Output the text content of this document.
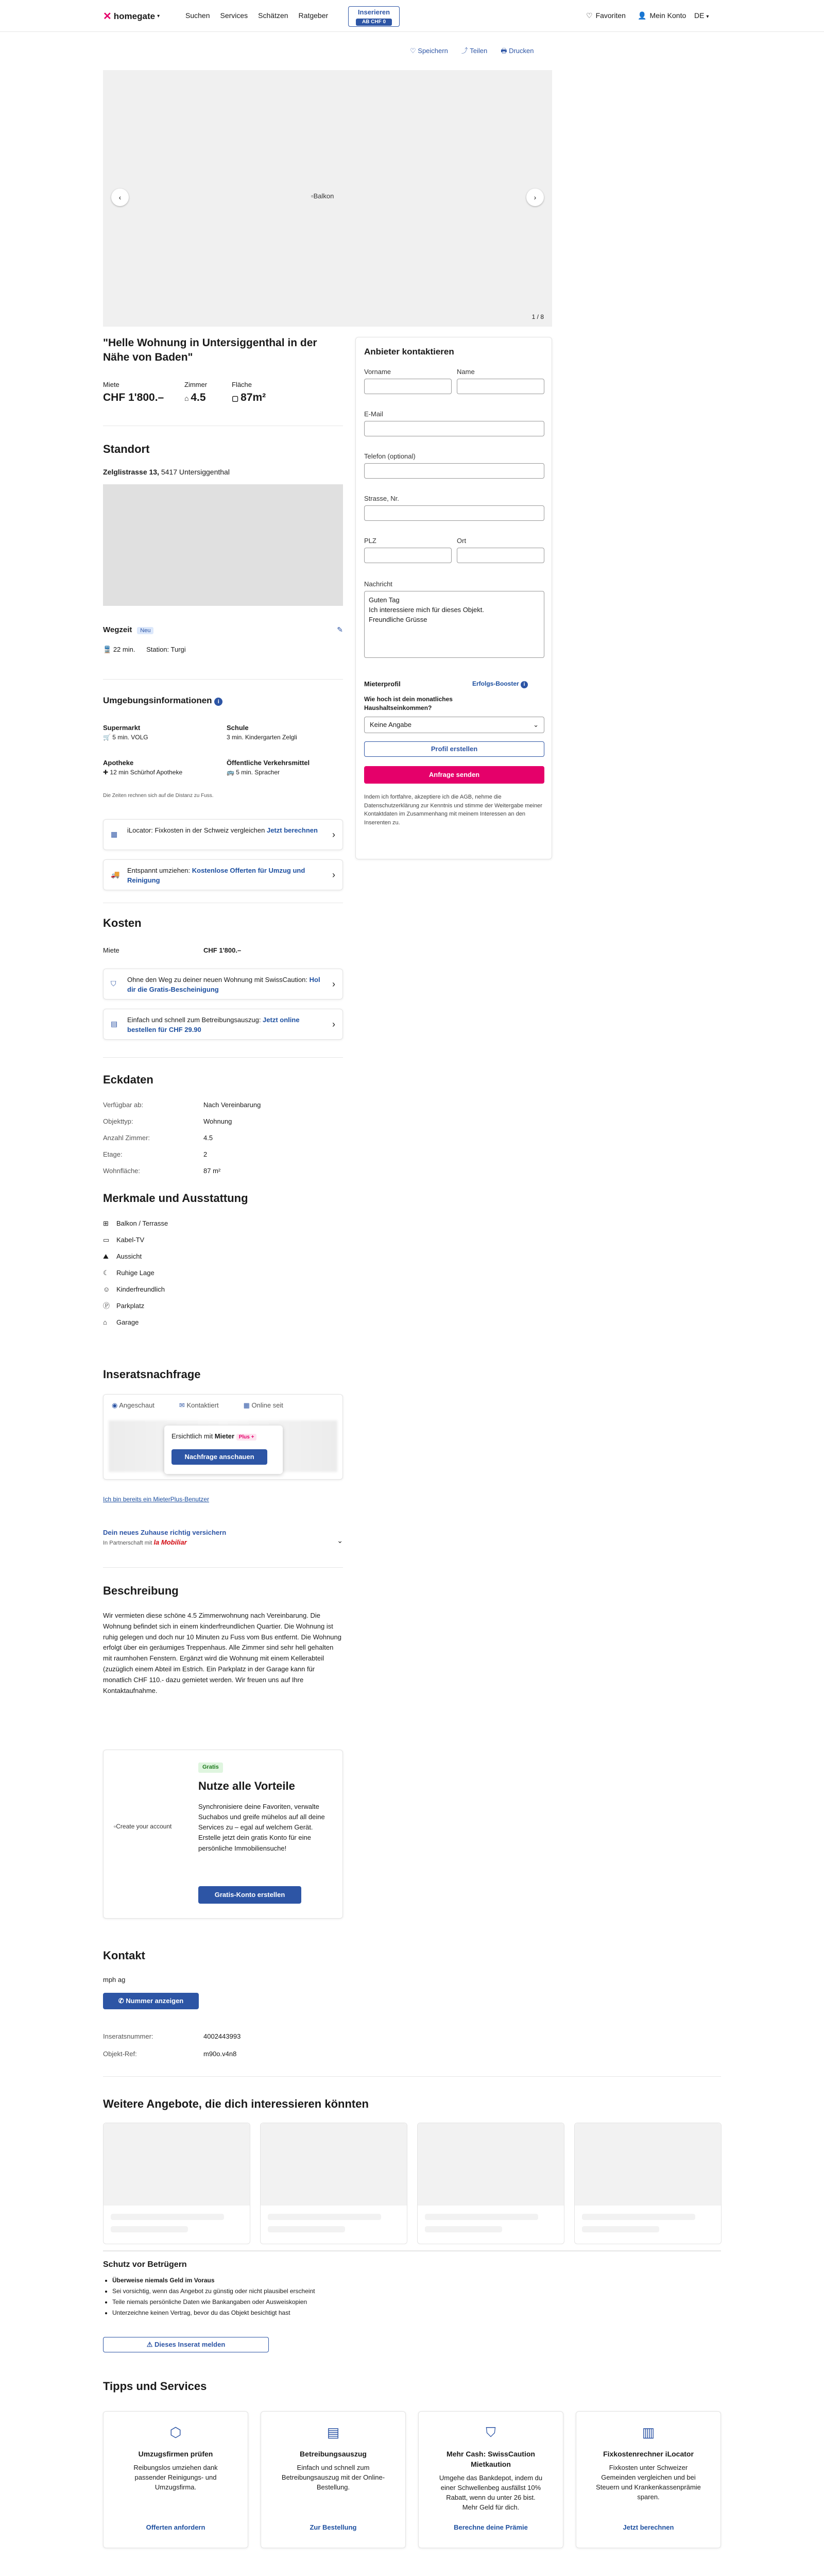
✕ homegate ▾	Suchen Services Schätzen Ratgeber	Inserieren
AB CHF 0
♡ Favoriten 👤 Mein Konto DE ▾
♡ Speichern ⤴ Teilen 🖶 Drucken
▫Balkon
‹	›
1 / 8
"Helle Wohnung in Untersiggenthal in der Nähe von Baden"
Miete
CHF 1'800.–
Zimmer
⌂ 4.5
Fläche
▢ 87m²
Standort
Zelglistrasse 13, 5417 Untersiggenthal
Wegzeit Neu	✎
🚆 22 min. Station: Turgi
Umgebungsinformationen i
Supermarkt
🛒 5 min. VOLG
Schule
3 min. Kindergarten Zelgli
Apotheke
✚ 12 min Schürhof Apotheke
Öffentliche Verkehrsmittel
🚌 5 min. Spracher
Die Zeiten rechnen sich auf die Distanz zu Fuss.
▦ iLocator: Fixkosten in der Schweiz vergleichen Jetzt berechnen	›
🚚 Entspannt umziehen: Kostenlose Offerten für Umzug und Reinigung
›
Kosten
Miete	CHF 1'800.–
⛉ Ohne den Weg zu deiner neuen Wohnung mit SwissCaution: Hol dir die Gratis-Bescheinigung
›
▤ Einfach und schnell zum Betreibungsauszug: Jetzt online bestellen für CHF 29.90
›
Eckdaten
Verfügbar ab:	Nach Vereinbarung
Objekttyp:	Wohnung
Anzahl Zimmer:	4.5
Etage:	2
Wohnfläche:	87 m²
Merkmale und Ausstattung
⊞ Balkon / Terrasse
▭ Kabel-TV
⛰ Aussicht
☾ Ruhige Lage
☺ Kinderfreundlich
Ⓟ Parkplatz
⌂ Garage
Inseratsnachfrage
◉ Angeschaut	✉ Kontaktiert	▦ Online seit
Ersichtlich mit Mieter Plus +
Nachfrage anschauen
Ich bin bereits ein MieterPlus-Benutzer
Dein neues Zuhause richtig versichern
In Partnerschaft mit la Mobiliar	⌄
Beschreibung
Wir vermieten diese schöne 4.5 Zimmerwohnung nach Vereinbarung. Die Wohnung befindet sich in einem kinderfreundlichen Quartier. Die Wohnung ist ruhig gelegen und doch nur 10 Minuten zu Fuss vom Bus entfernt. Die Wohnung erfolgt über ein geräumiges Treppenhaus. Alle Zimmer sind sehr hell gehalten mit raumhohen Fenstern. Ergänzt wird die Wohnung mit einem Kellerabteil (zuzüglich einem Abteil im Estrich. Ein Parkplatz in der Garage kann für monatlich CHF 110.- dazu gemietet werden. Wir freuen uns auf Ihre Kontaktaufnahme.
▫Create your account
Gratis
Nutze alle Vorteile
Synchronisiere deine Favoriten, verwalte Suchabos und greife mühelos auf all deine Services zu – egal auf welchem Gerät. Erstelle jetzt dein gratis Konto für eine persönliche Immobiliensuche!
Gratis-Konto erstellen
Kontakt
mph ag
✆ Nummer anzeigen
Inseratsnummer:	4002443993
Objekt-Ref:	m90o.v4n8
Weitere Angebote, die dich interessieren könnten
Schutz vor Betrügern
• Überweise niemals Geld im Voraus
• Sei vorsichtig, wenn das Angebot zu günstig oder nicht plausibel erscheint
• Teile niemals persönliche Daten wie Bankangaben oder Ausweiskopien
• Unterzeichne keinen Vertrag, bevor du das Objekt besichtigt hast
⚠ Dieses Inserat melden
Tipps und Services
⬡
Umzugsfirmen prüfen
Reibungslos umziehen dank passender Reinigungs- und Umzugsfirma.
Offerten anfordern
▤
Betreibungsauszug
Einfach und schnell zum Betreibungsauszug mit der Online-Bestellung.
Zur Bestellung
⛉
Mehr Cash: SwissCaution Mietkaution
Umgehe das Bankdepot, indem du einer Schwellenbeg ausfällst 10% Rabatt, wenn du unter 26 bist. Mehr Geld für dich.
Berechne deine Prämie
▥
Fixkostenrechner iLocator
Fixkosten unter Schweizer Gemeinden vergleichen und bei Steuern und Krankenkassenprämie sparen.
Jetzt berechnen
Anbieter kontaktieren
Vorname	Name
E-Mail
Telefon (optional)
Strasse, Nr.
PLZ	Ort
Nachricht
Guten Tag
Ich interessiere mich für dieses Objekt.
Freundliche Grüsse
Mieterprofil	Erfolgs-Booster i
Wie hoch ist dein monatliches Haushaltseinkommen?
Keine Angabe	⌄
Profil erstellen
Anfrage senden
Indem ich fortfahre, akzeptiere ich die AGB, nehme die Datenschutzerklärung zur Kenntnis und stimme der Weitergabe meiner Kontaktdaten im Zusammenhang mit meinem Interessen an den Inserenten zu.
